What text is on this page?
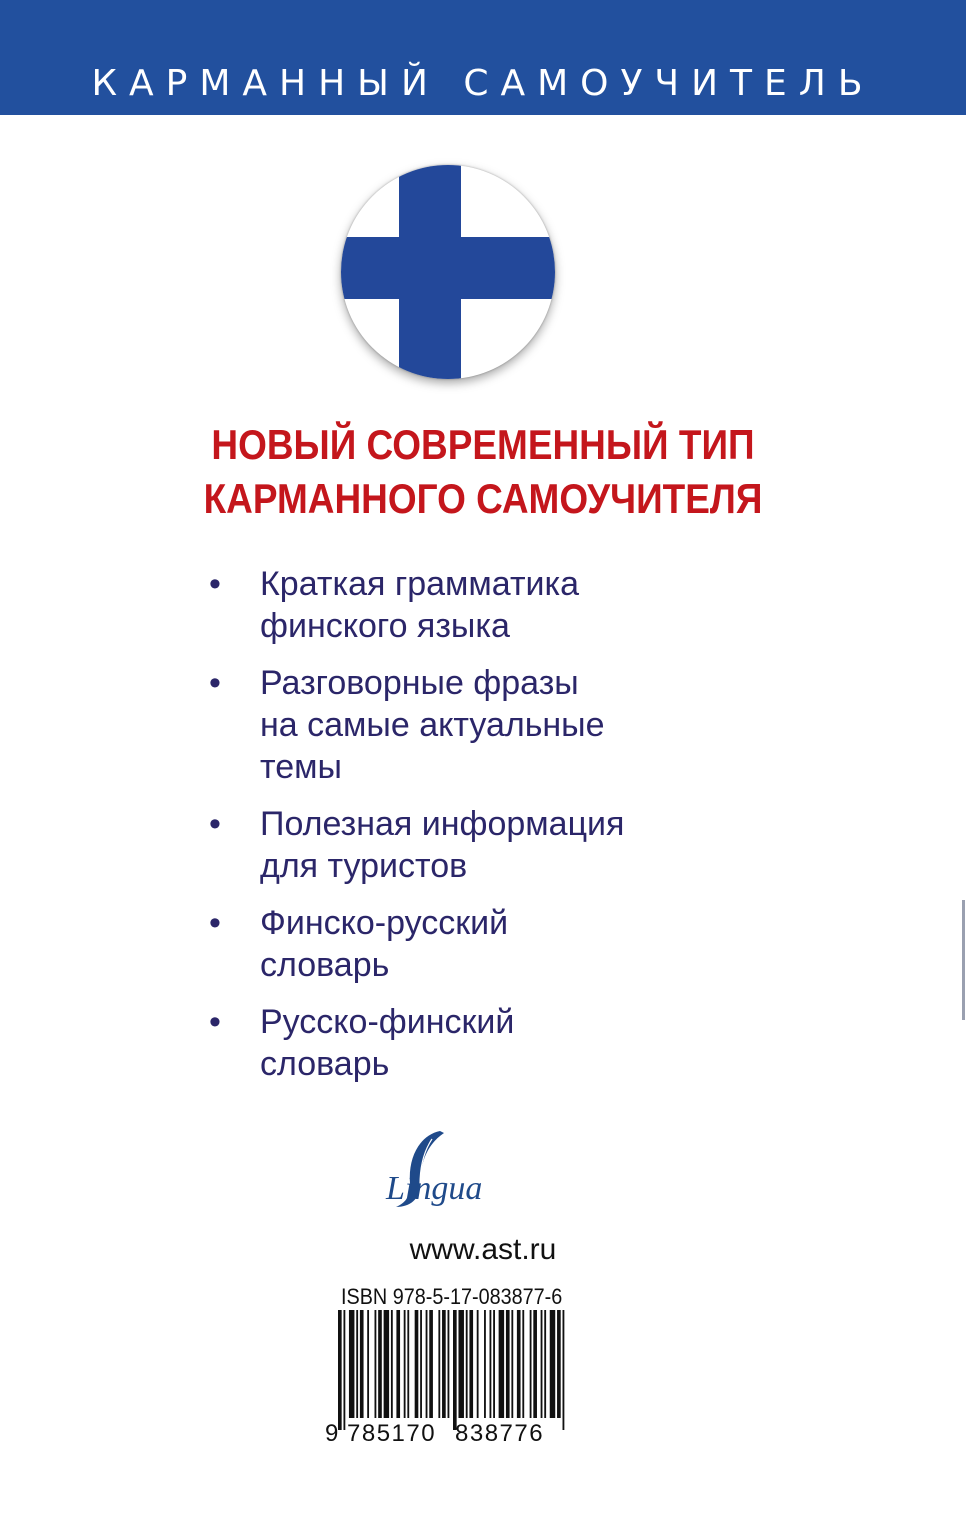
КАРМАННЫЙ САМОУЧИТЕЛЬ
НОВЫЙ СОВРЕМЕННЫЙ ТИП
КАРМАННОГО САМОУЧИТЕЛЯ
• Краткая грамматика
финского языка
• Разговорные фразы
на самые актуальные
темы
• Полезная информация
для туристов
• Финско-русский
словарь
• Русско-финский
словарь
Lingua
www.ast.ru
ISBN 978-5-17-083877-6
9 785170 838776
